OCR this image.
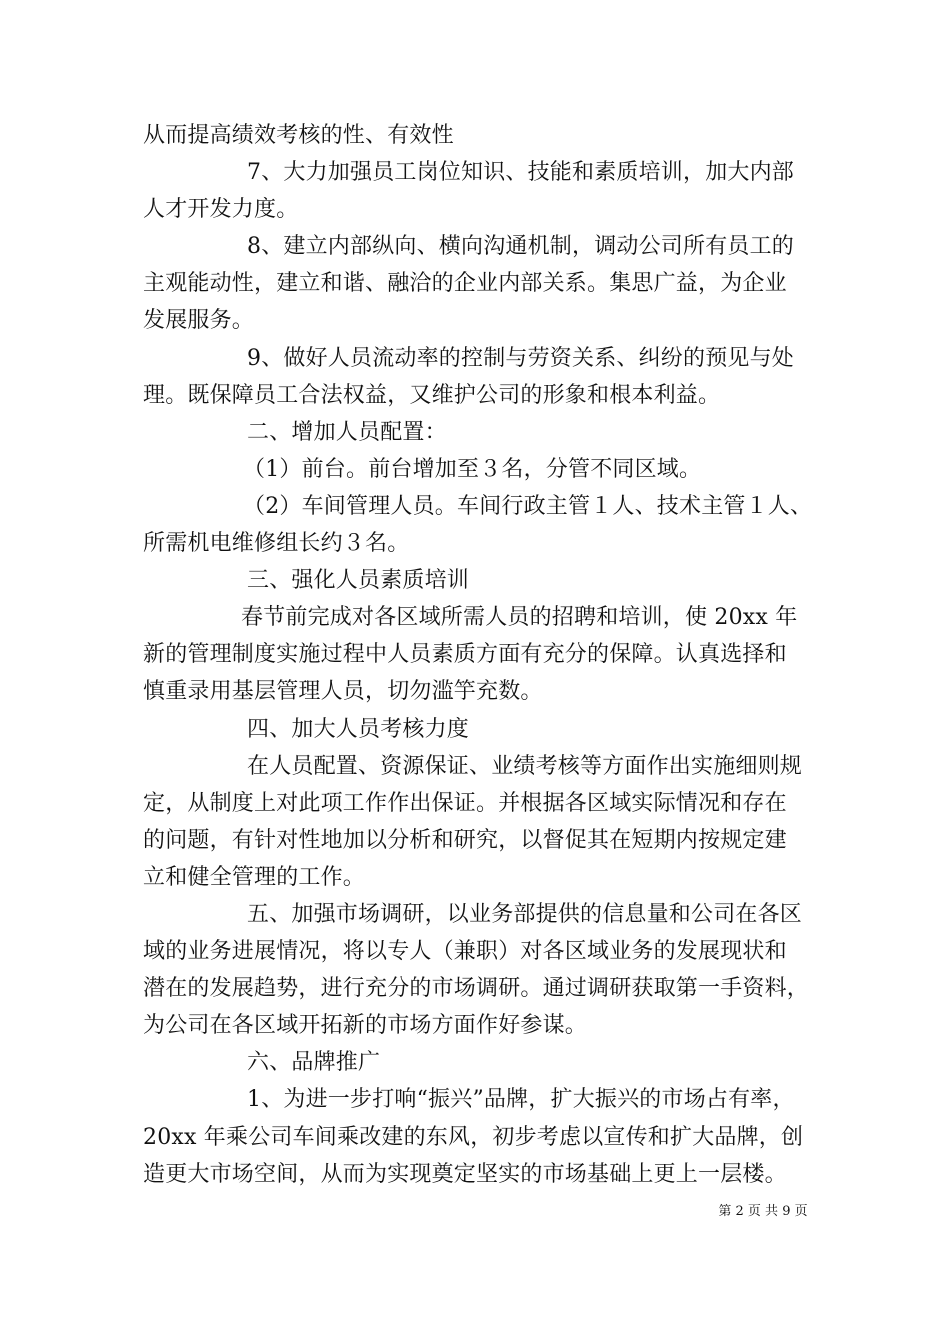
从而提高绩效考核的性、有效性
7、大力加强员工岗位知识、技能和素质培训，加大内部
人才开发力度。
8、建立内部纵向、横向沟通机制，调动公司所有员工的
主观能动性，建立和谐、融洽的企业内部关系。集思广益，为企业
发展服务。
9、做好人员流动率的控制与劳资关系、纠纷的预见与处
理。既保障员工合法权益，又维护公司的形象和根本利益。
二、增加人员配置：
（1）前台。前台增加至３名，分管不同区域。
（2）车间管理人员。车间行政主管１人、技术主管１人、
所需机电维修组长约３名。
三、强化人员素质培训
春节前完成对各区域所需人员的招聘和培训，使 20xx 年
新的管理制度实施过程中人员素质方面有充分的保障。认真选择和
慎重录用基层管理人员，切勿滥竽充数。
四、加大人员考核力度
在人员配置、资源保证、业绩考核等方面作出实施细则规
定，从制度上对此项工作作出保证。并根据各区域实际情况和存在
的问题，有针对性地加以分析和研究，以督促其在短期内按规定建
立和健全管理的工作。
五、加强市场调研，以业务部提供的信息量和公司在各区
域的业务进展情况，将以专人（兼职）对各区域业务的发展现状和
潜在的发展趋势，进行充分的市场调研。通过调研获取第一手资料，
为公司在各区域开拓新的市场方面作好参谋。
六、品牌推广
1、为进一步打响“振兴”品牌，扩大振兴的市场占有率，
20xx 年乘公司车间乘改建的东风，初步考虑以宣传和扩大品牌，创
造更大市场空间，从而为实现奠定坚实的市场基础上更上一层楼。
第 2 页 共 9 页
